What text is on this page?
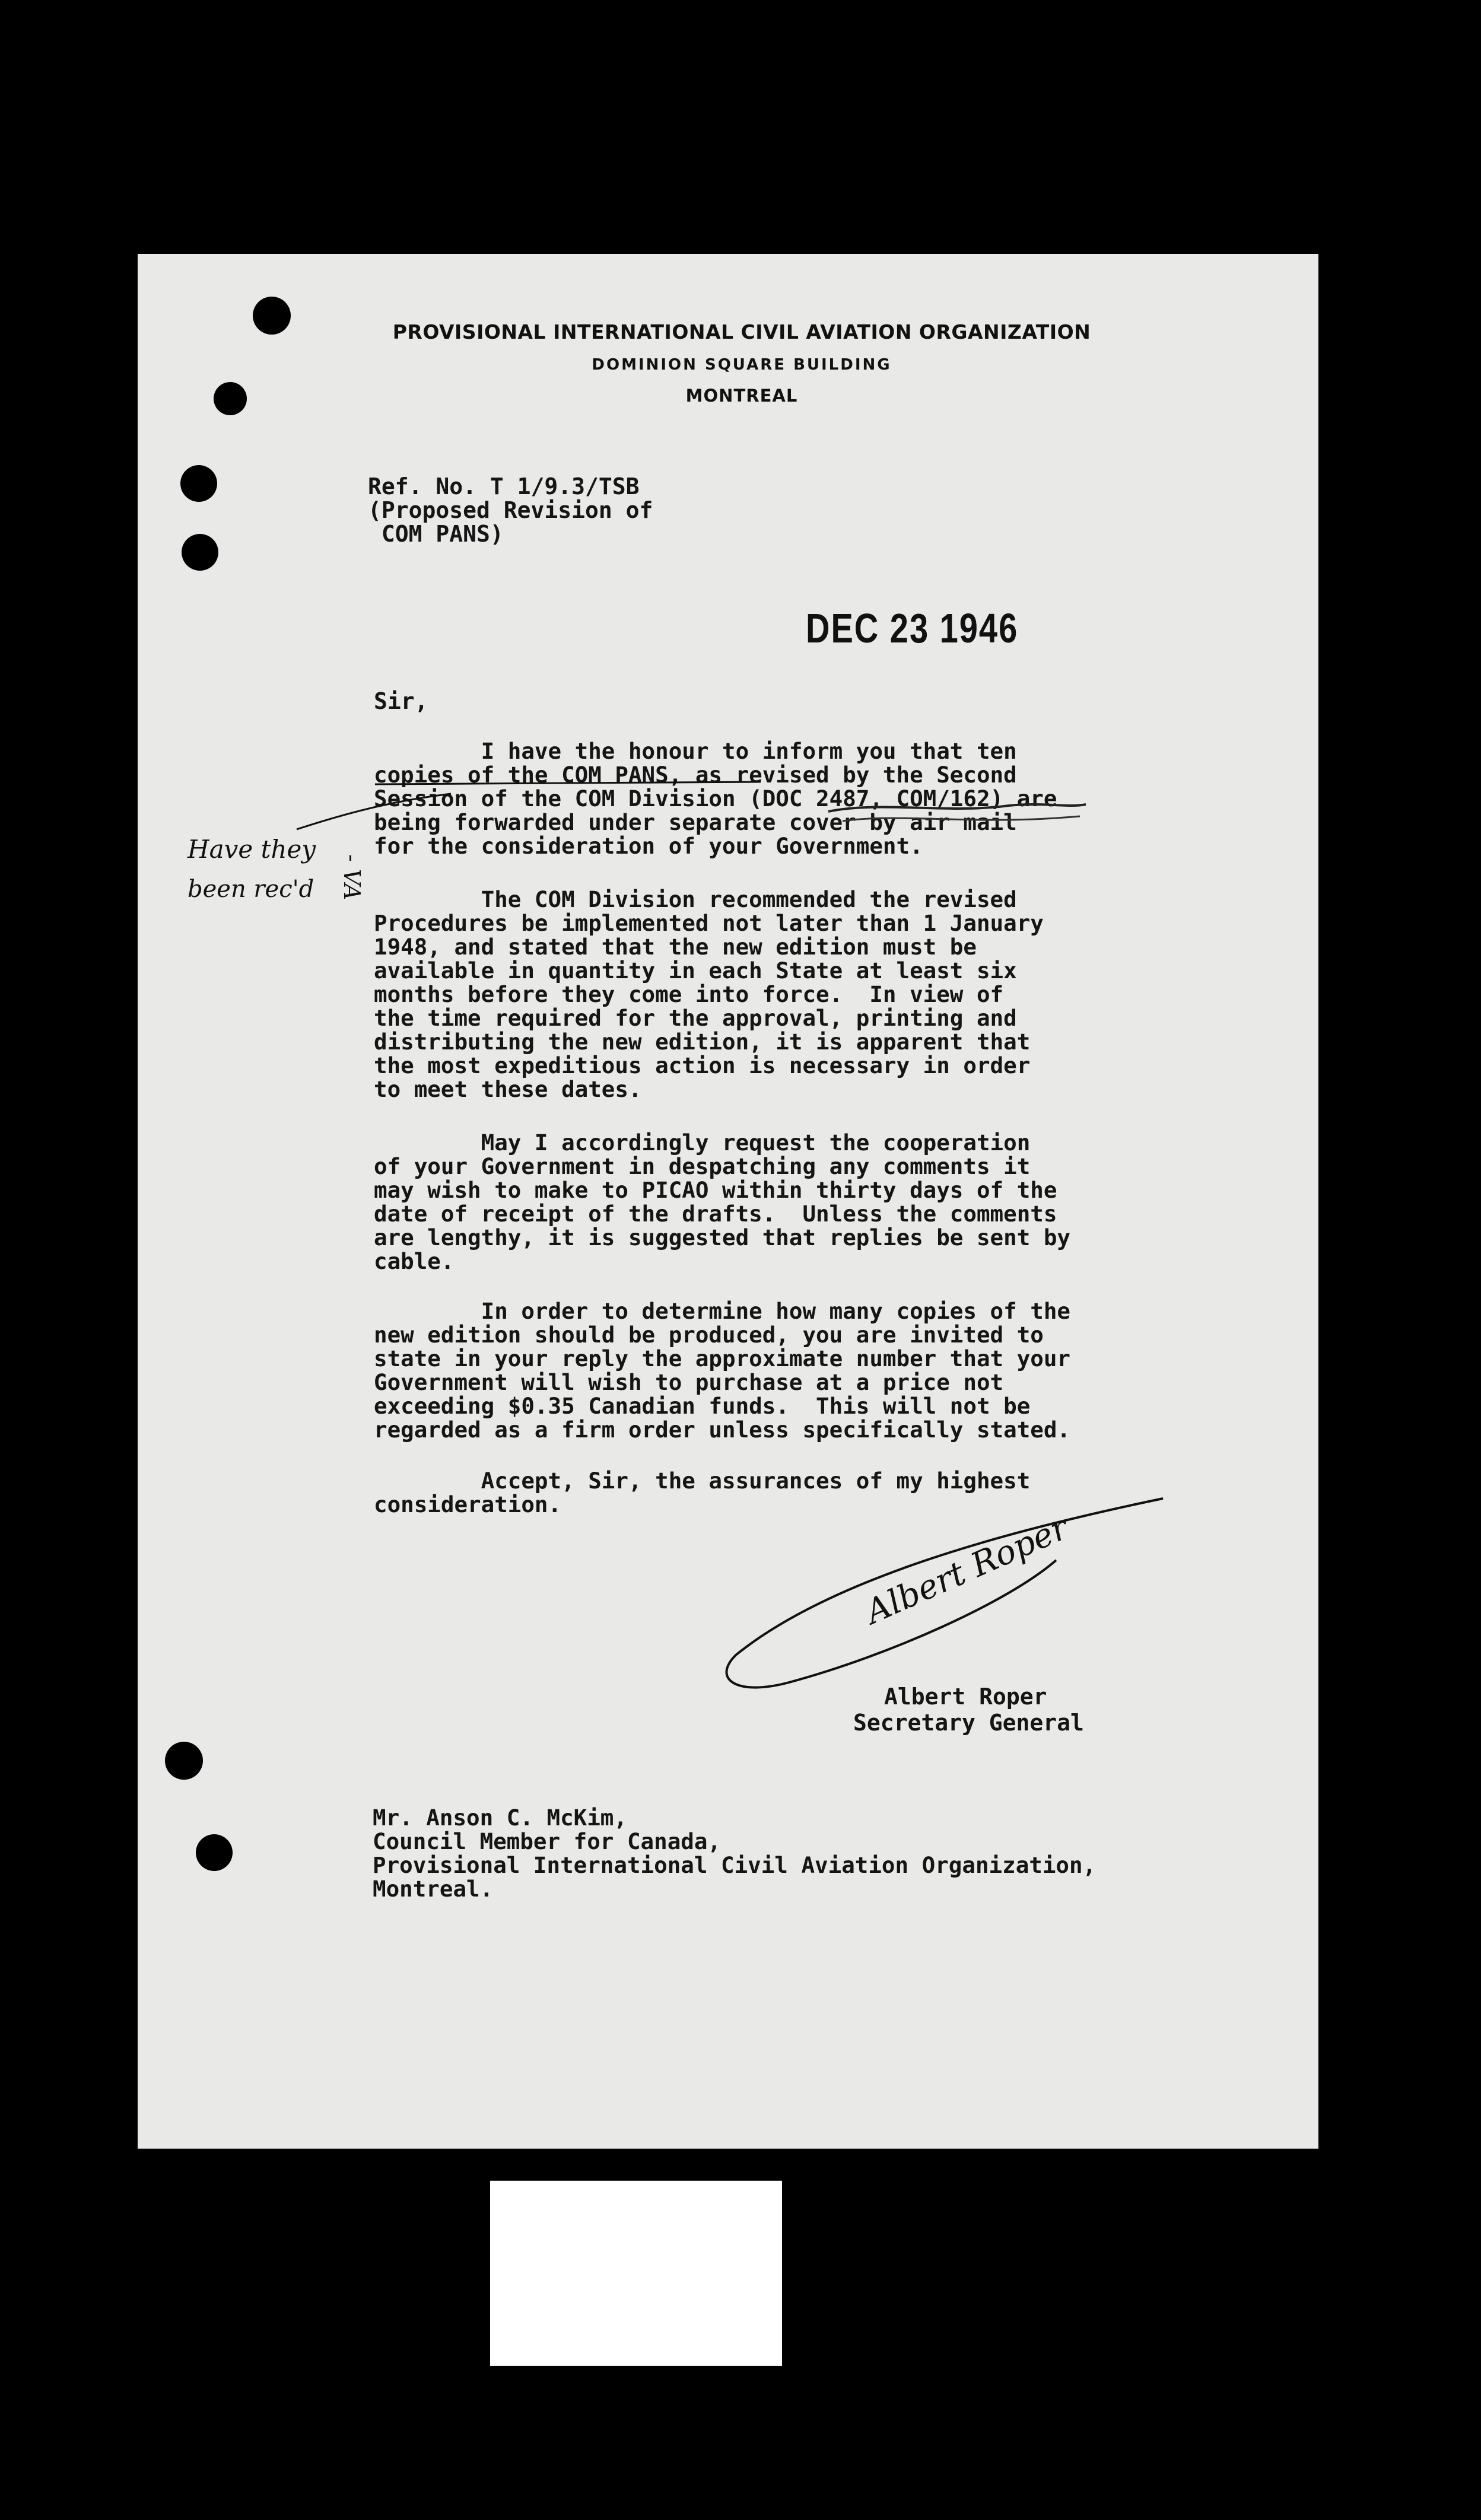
PROVISIONAL INTERNATIONAL CIVIL AVIATION ORGANIZATION
DOMINION SQUARE BUILDING
MONTREAL
Ref. No. T 1/9.3/TSB
(Proposed Revision of
COM PANS)
DEC 23 1946
Sir,
I have the honour to inform you that ten
copies of the COM PANS, as revised by the Second
Session of the COM Division (DOC 2487, COM/162) are
being forwarded under separate cover by air mail
for the consideration of your Government.
The COM Division recommended the revised
Procedures be implemented not later than 1 January
1948, and stated that the new edition must be
available in quantity in each State at least six
months before they come into force.  In view of
the time required for the approval, printing and
distributing the new edition, it is apparent that
the most expeditious action is necessary in order
to meet these dates.
May I accordingly request the cooperation
of your Government in despatching any comments it
may wish to make to PICAO within thirty days of the
date of receipt of the drafts.  Unless the comments
are lengthy, it is suggested that replies be sent by
cable.
In order to determine how many copies of the
new edition should be produced, you are invited to
state in your reply the approximate number that your
Government will wish to purchase at a price not
exceeding $0.35 Canadian funds.  This will not be
regarded as a firm order unless specifically stated.
Accept, Sir, the assurances of my highest
consideration.
Have they
been rec'd - VA
Albert Roper
Albert Roper
Secretary General
Mr. Anson C. McKim,
Council Member for Canada,
Provisional International Civil Aviation Organization,
Montreal.
